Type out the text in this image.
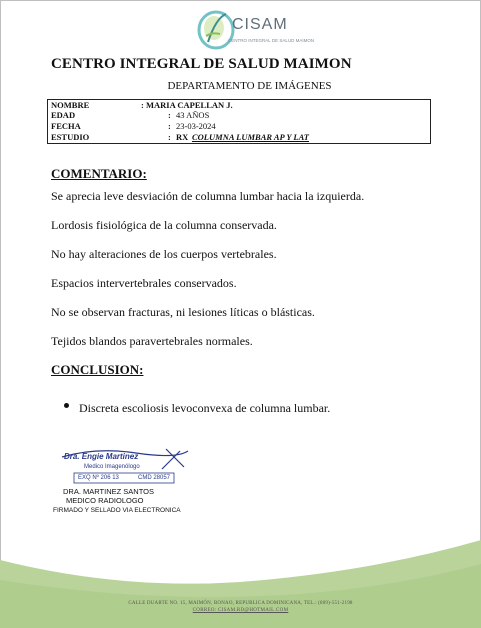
CISAM
CENTRO INTEGRAL DE SALUD MAIMON
CENTRO INTEGRAL DE SALUD MAIMON
DEPARTAMENTO DE IMÁGENES
NOMBRE	: MARIA CAPELLAN J.
EDAD	: 43 AÑOS
FECHA	: 23-03-2024
ESTUDIO	: RX COLUMNA LUMBAR AP Y LAT
COMENTARIO:
Se aprecia leve desviación de columna lumbar hacia la izquierda.
Lordosis fisiológica de la columna conservada.
No hay alteraciones de los cuerpos vertebrales.
Espacios intervertebrales conservados.
No se observan fracturas, ni lesiones líticas o blásticas.
Tejidos blandos paravertebrales normales.
CONCLUSION:
Discreta escoliosis levoconvexa de columna lumbar.
Dra. Engie Martinez
Medico Imagenólogo
EXQ Nº 206 13	CMD 28057
DRA. MARTINEZ SANTOS
MEDICO RADIOLOGO
FIRMADO Y SELLADO VIA ELECTRONICA
CALLE DUARTE NO. 15, MAIMÓN, BONAO, REPUBLICA DOMINICANA, TEL.: (809)-551-2198
CORREO: CISAM.RD@HOTMAIL.COM
